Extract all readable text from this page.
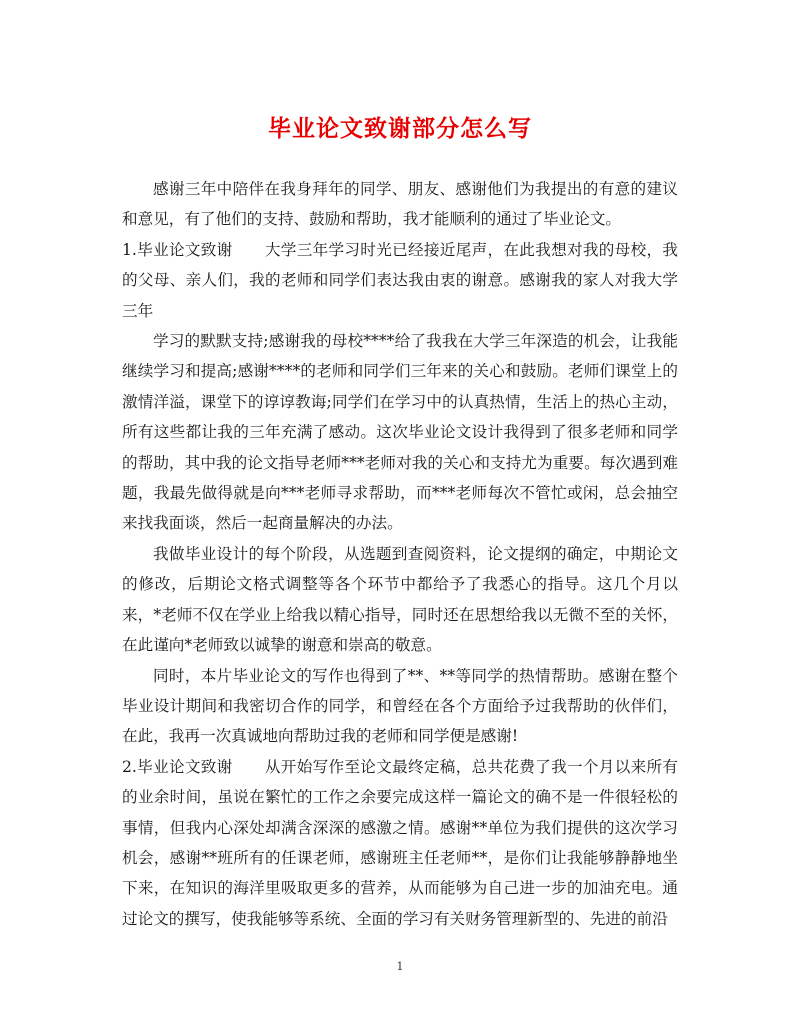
毕业论文致谢部分怎么写

感谢三年中陪伴在我身拜年的同学、朋友、感谢他们为我提出的有意的建议和意见，有了他们的支持、鼓励和帮助，我才能顺利的通过了毕业论文。

1.毕业论文致谢 大学三年学习时光已经接近尾声，在此我想对我的母校，我的父母、亲人们，我的老师和同学们表达我由衷的谢意。感谢我的家人对我大学三年

学习的默默支持;感谢我的母校****给了我我在大学三年深造的机会，让我能继续学习和提高;感谢****的老师和同学们三年来的关心和鼓励。老师们课堂上的激情洋溢，课堂下的谆谆教诲;同学们在学习中的认真热情，生活上的热心主动，所有这些都让我的三年充满了感动。这次毕业论文设计我得到了很多老师和同学的帮助，其中我的论文指导老师***老师对我的关心和支持尤为重要。每次遇到难题，我最先做得就是向***老师寻求帮助，而***老师每次不管忙或闲，总会抽空来找我面谈，然后一起商量解决的办法。

我做毕业设计的每个阶段，从选题到查阅资料，论文提纲的确定，中期论文的修改，后期论文格式调整等各个环节中都给予了我悉心的指导。这几个月以来，*老师不仅在学业上给我以精心指导，同时还在思想给我以无微不至的关怀，在此谨向*老师致以诚挚的谢意和崇高的敬意。

同时，本片毕业论文的写作也得到了**、**等同学的热情帮助。感谢在整个毕业设计期间和我密切合作的同学，和曾经在各个方面给予过我帮助的伙伴们，在此，我再一次真诚地向帮助过我的老师和同学便是感谢!

2.毕业论文致谢 从开始写作至论文最终定稿，总共花费了我一个月以来所有的业余时间，虽说在繁忙的工作之余要完成这样一篇论文的确不是一件很轻松的事情，但我内心深处却满含深深的感激之情。感谢**单位为我们提供的这次学习机会，感谢**班所有的任课老师，感谢班主任老师**，是你们让我能够静静地坐下来，在知识的海洋里吸取更多的营养，从而能够为自己进一步的加油充电。通过论文的撰写，使我能够等系统、全面的学习有关财务管理新型的、先进的前沿

1
